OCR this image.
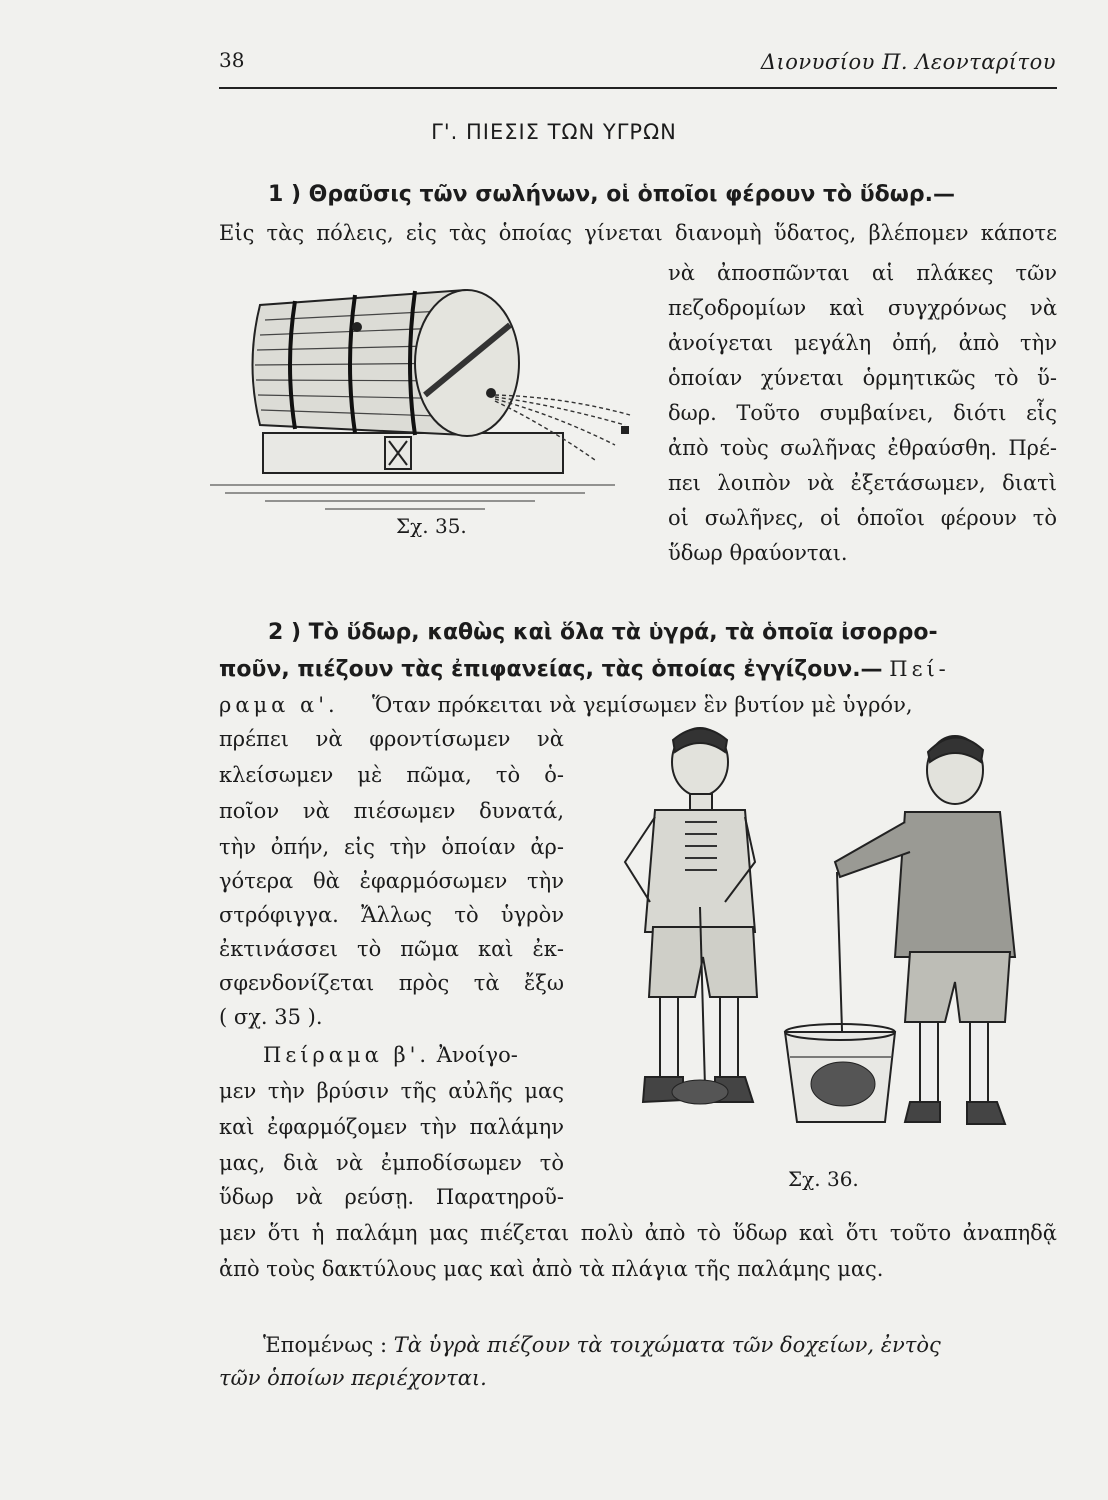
38	Διονυσίου Π. Λεονταρίτου
Γ'. ΠΙΕΣΙΣ ΤΩΝ ΥΓΡΩΝ
1 ) Θραῦσις τῶν σωλήνων, οἱ ὁποῖοι φέρουν τὸ ὕδωρ.—
Εἰς τὰς πόλεις, εἰς τὰς ὁποίας γίνεται διανομὴ ὕδατος, βλέπομεν κάποτε
νὰ ἀποσπῶνται αἱ πλάκες τῶν
πεζοδρομίων καὶ συγχρόνως νὰ
ἀνοίγεται μεγάλη ὀπή, ἀπὸ τὴν
ὁποίαν χύνεται ὁρμητικῶς τὸ ὕ-
δωρ. Τοῦτο συμβαίνει, διότι εἷς
ἀπὸ τοὺς σωλῆνας ἐθραύσθη. Πρέ-
πει λοιπὸν νὰ ἐξετάσωμεν, διατὶ
οἱ σωλῆνες, οἱ ὁποῖοι φέρουν τὸ
ὕδωρ θραύονται.
Σχ. 35.
2 ) Τὸ ὕδωρ, καθὼς καὶ ὅλα τὰ ὑγρά, τὰ ὁποῖα ἰσορρο-
ποῦν, πιέζουν τὰς ἐπιφανείας, τὰς ὁποίας ἐγγίζουν.— Πεί-
ραμα α'. Ὅταν πρόκειται νὰ γεμίσωμεν ἓν βυτίον μὲ ὑγρόν,
πρέπει νὰ φροντίσωμεν νὰ
κλείσωμεν μὲ πῶμα, τὸ ὁ-
ποῖον νὰ πιέσωμεν δυνατά,
τὴν ὀπήν, εἰς τὴν ὁποίαν ἀρ-
γότερα θὰ ἐφαρμόσωμεν τὴν
στρόφιγγα. Ἄλλως τὸ ὑγρὸν
ἐκτινάσσει τὸ πῶμα καὶ ἐκ-
σφενδονίζεται πρὸς τὰ ἔξω
( σχ. 35 ).
Πείραμα β'. Ἀνοίγο-
μεν τὴν βρύσιν τῆς αὐλῆς μας
καὶ ἐφαρμόζομεν τὴν παλάμην
μας, διὰ νὰ ἐμποδίσωμεν τὸ
ὕδωρ νὰ ρεύσῃ. Παρατηροῦ-
μεν ὅτι ἡ παλάμη μας πιέζεται πολὺ ἀπὸ τὸ ὕδωρ καὶ ὅτι τοῦτο ἀναπηδᾷ
ἀπὸ τοὺς δακτύλους μας καὶ ἀπὸ τὰ πλάγια τῆς παλάμης μας.
Σχ. 36.
Ἑπομένως : Τὰ ὑγρὰ πιέζουν τὰ τοιχώματα τῶν δοχείων, ἐντὸς
τῶν ὁποίων περιέχονται.
